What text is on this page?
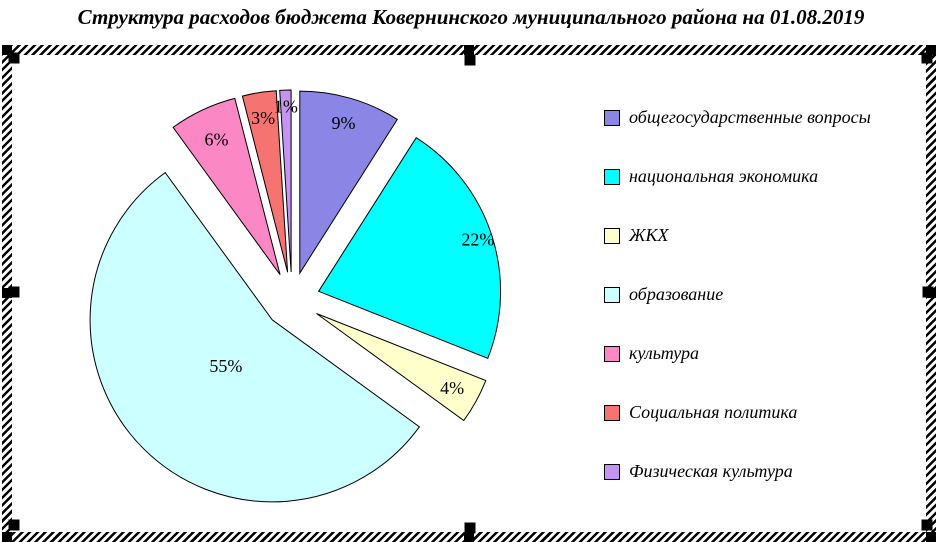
Структура расходов бюджета Ковернинского муниципального района на 01.08.2019
9%
22%
4%
55%
6%
3%
1%
общегосударственные вопросы
национальная экономика
ЖКХ
образование
культура
Социальная политика
Физическая культура
